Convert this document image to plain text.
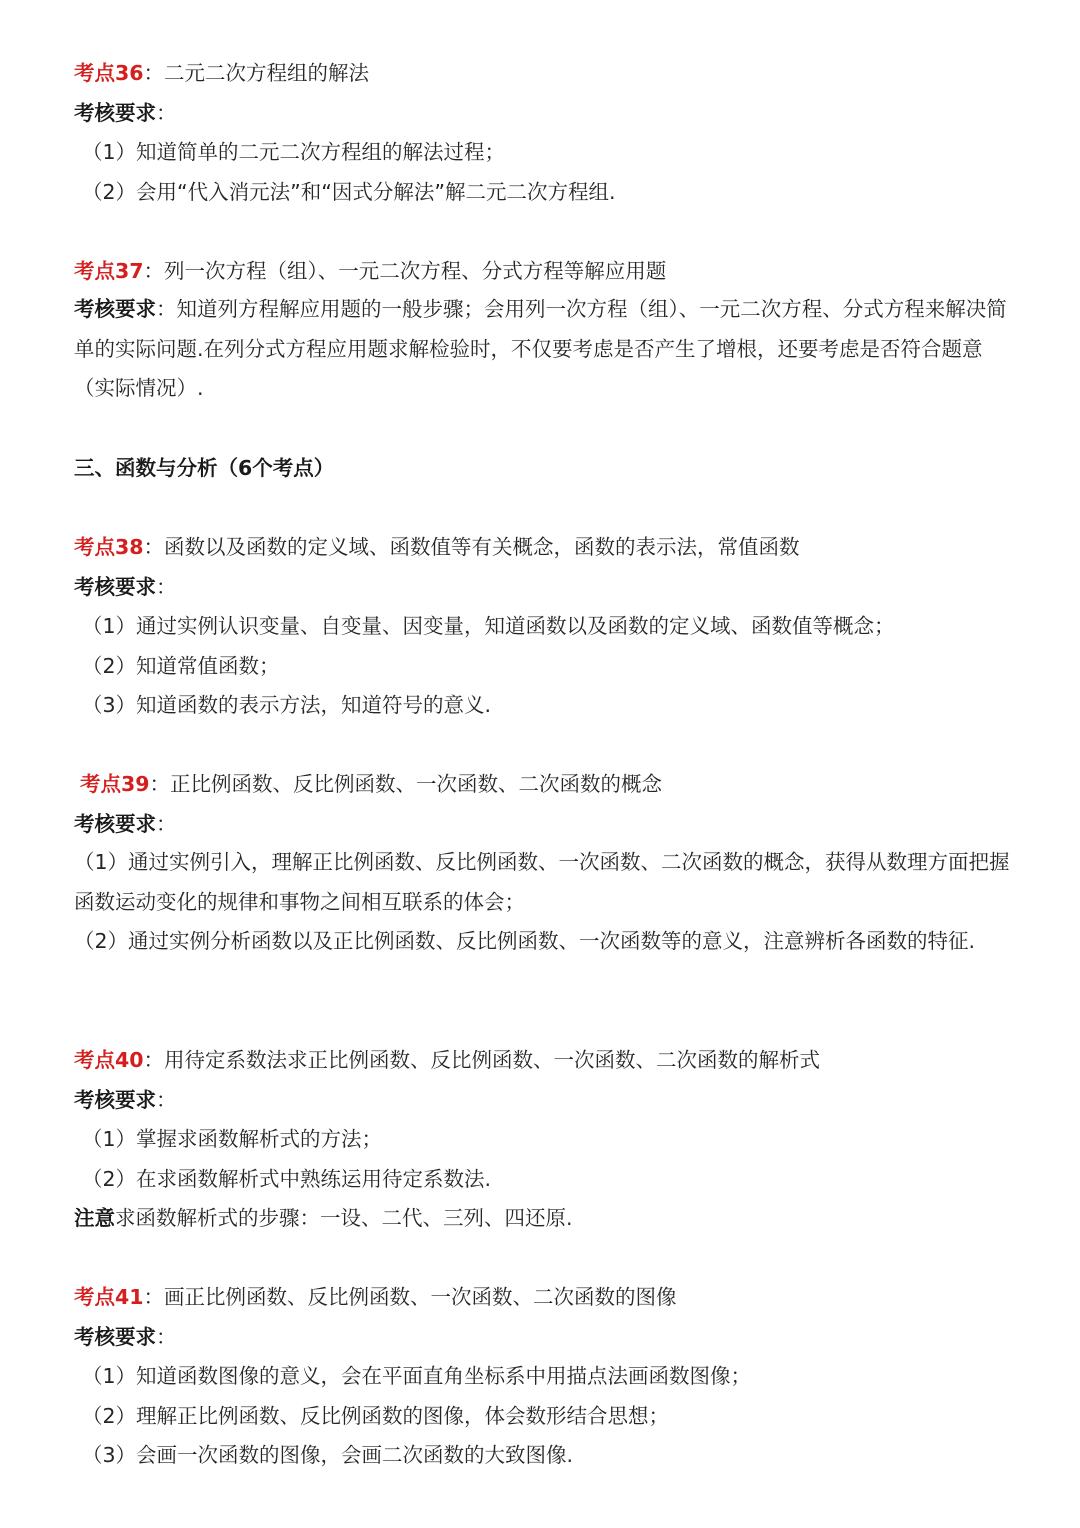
考点36：二元二次方程组的解法
考核要求：
（1）知道简单的二元二次方程组的解法过程；
（2）会用“代入消元法”和“因式分解法”解二元二次方程组.
考点37：列一次方程（组）、一元二次方程、分式方程等解应用题
考核要求：知道列方程解应用题的一般步骤；会用列一次方程（组）、一元二次方程、分式方程来解决简单的实际问题.在列分式方程应用题求解检验时，不仅要考虑是否产生了增根，还要考虑是否符合题意（实际情况）.
三、函数与分析（6个考点）
考点38：函数以及函数的定义域、函数值等有关概念，函数的表示法，常值函数
考核要求：
（1）通过实例认识变量、自变量、因变量，知道函数以及函数的定义域、函数值等概念；
（2）知道常值函数；
（3）知道函数的表示方法，知道符号的意义.
考点39：正比例函数、反比例函数、一次函数、二次函数的概念
考核要求：
（1）通过实例引入，理解正比例函数、反比例函数、一次函数、二次函数的概念，获得从数理方面把握函数运动变化的规律和事物之间相互联系的体会；
（2）通过实例分析函数以及正比例函数、反比例函数、一次函数等的意义，注意辨析各函数的特征.
考点40：用待定系数法求正比例函数、反比例函数、一次函数、二次函数的解析式
考核要求：
（1）掌握求函数解析式的方法；
（2）在求函数解析式中熟练运用待定系数法.
注意求函数解析式的步骤：一设、二代、三列、四还原.
考点41：画正比例函数、反比例函数、一次函数、二次函数的图像
考核要求：
（1）知道函数图像的意义，会在平面直角坐标系中用描点法画函数图像；
（2）理解正比例函数、反比例函数的图像，体会数形结合思想；
（3）会画一次函数的图像，会画二次函数的大致图像.
